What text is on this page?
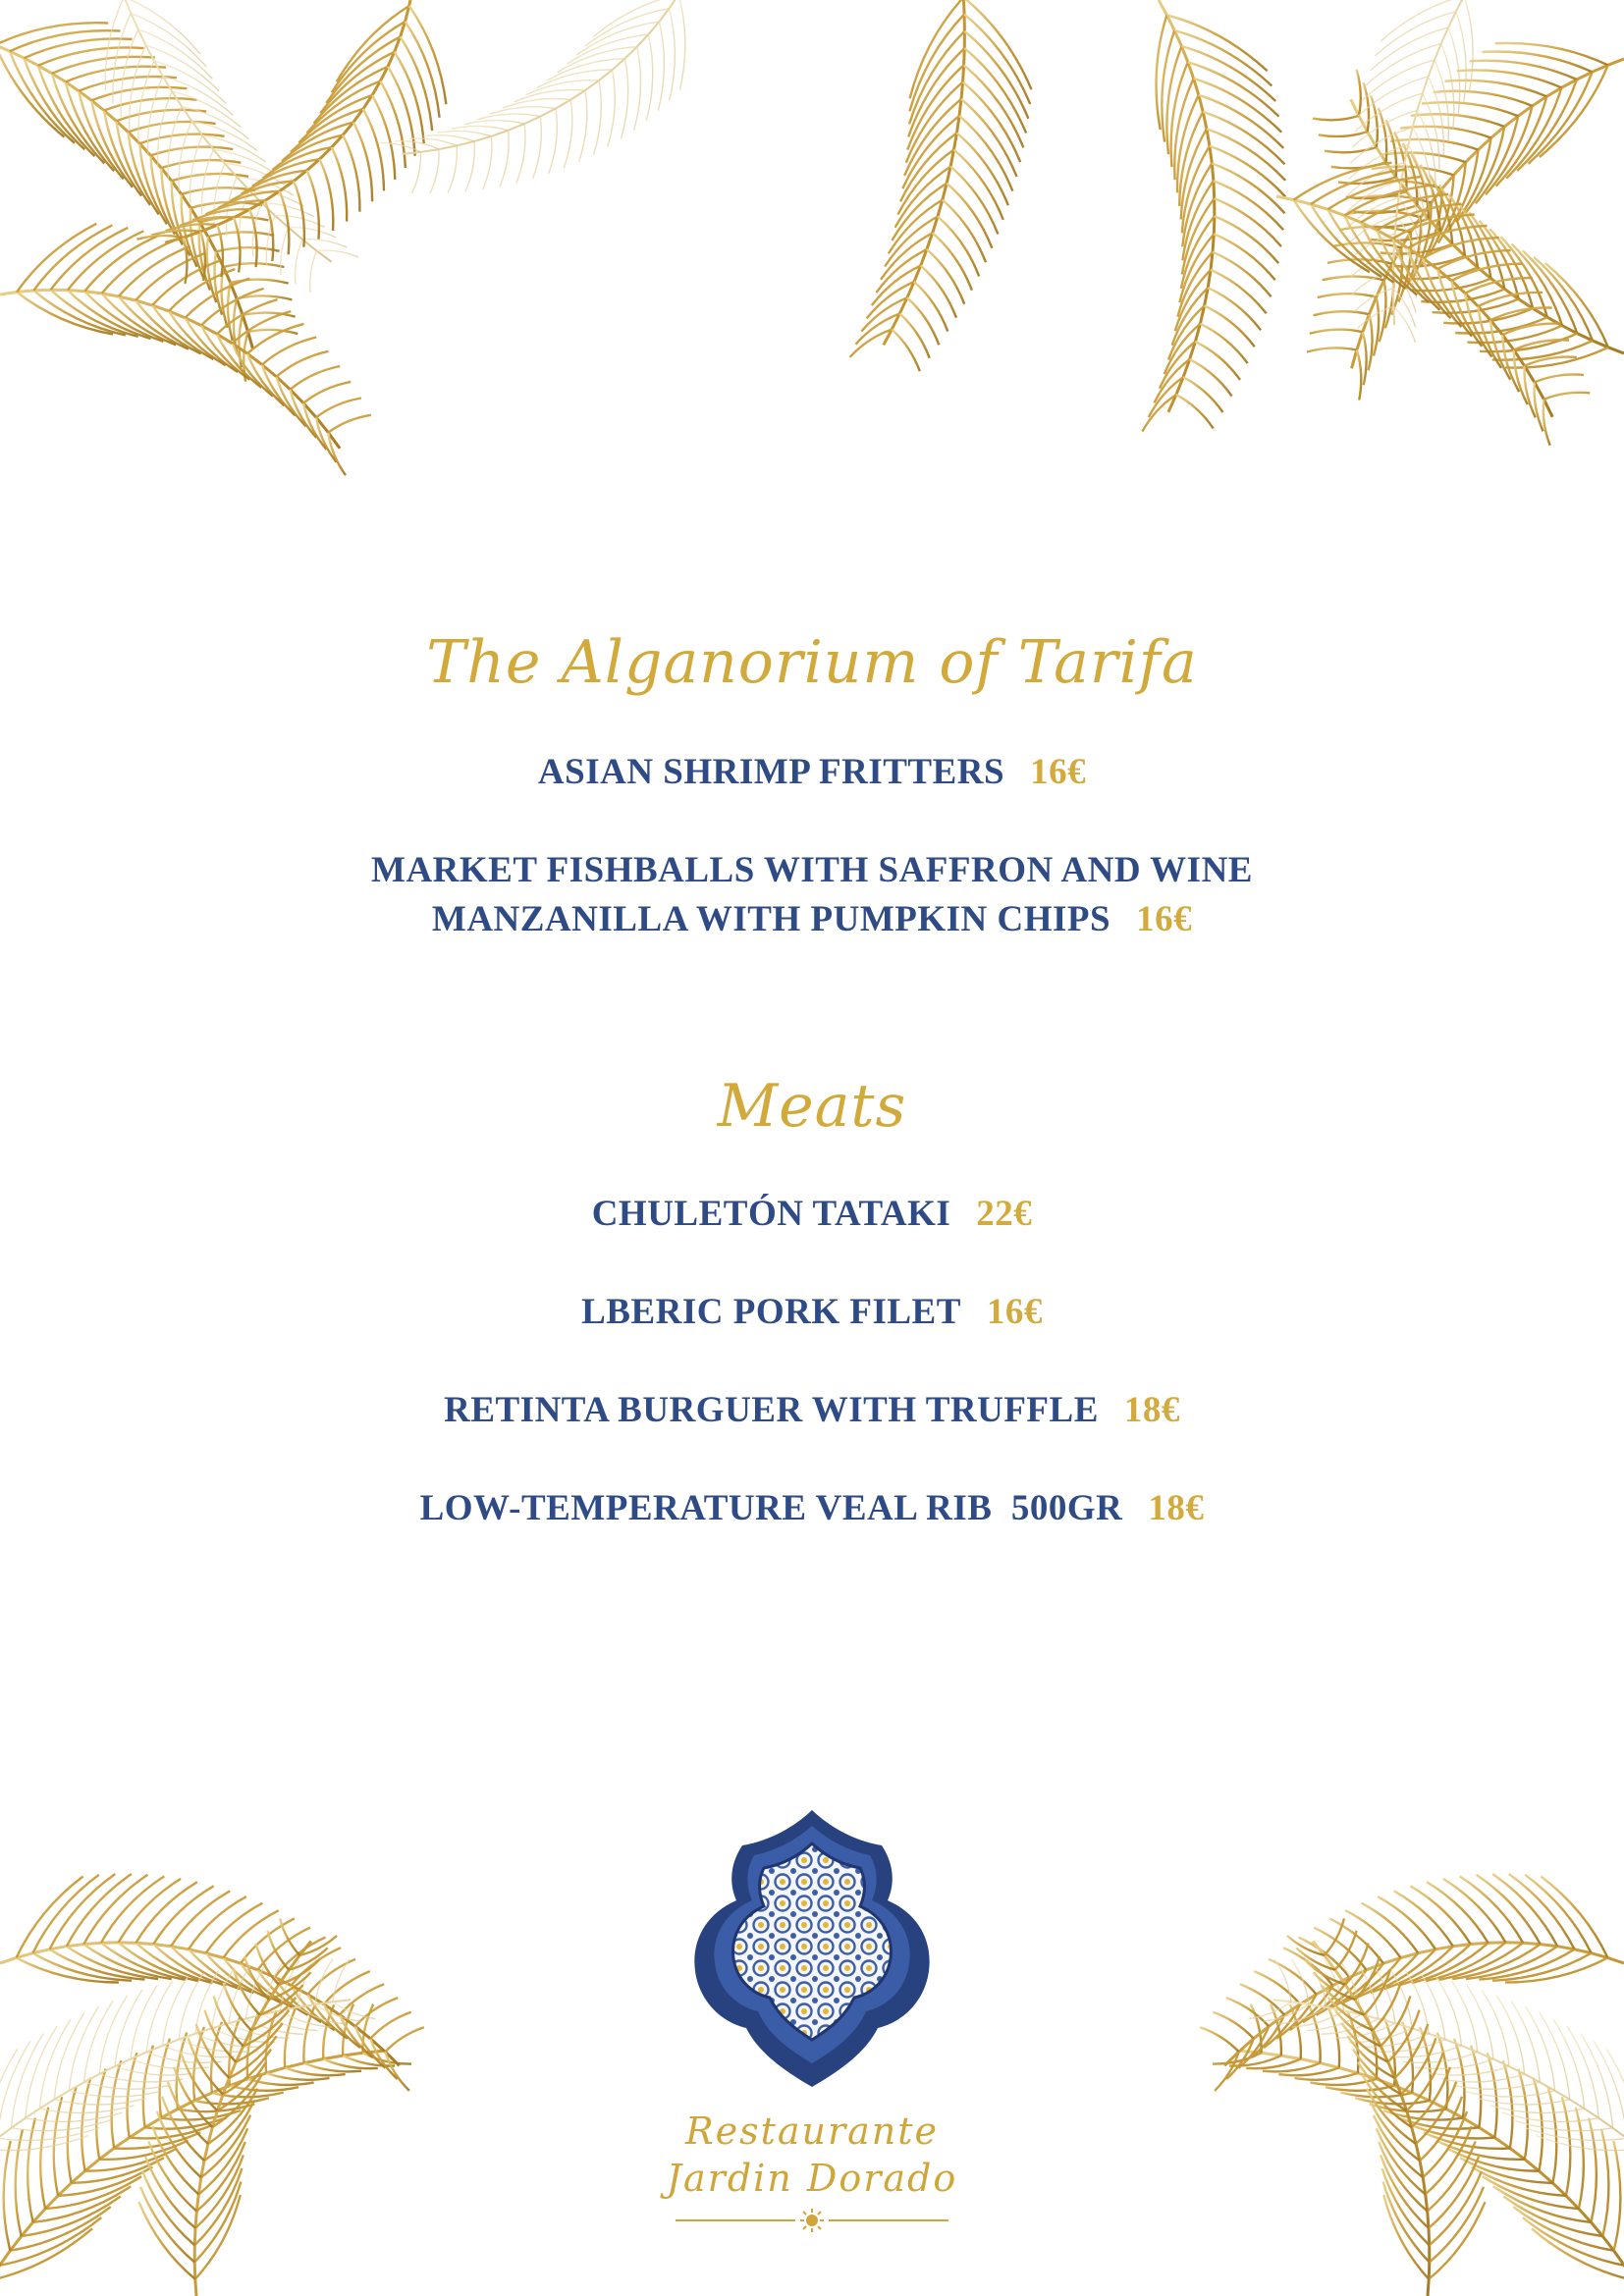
The Alganorium of Tarifa
ASIAN SHRIMP FRITTERS 16€
MARKET FISHBALLS WITH SAFFRON AND WINE
MANZANILLA WITH PUMPKIN CHIPS 16€
Meats
CHULETÓN TATAKI 22€
LBERIC PORK FILET 16€
RETINTA BURGUER WITH TRUFFLE 18€
LOW-TEMPERATURE VEAL RIB  500GR 18€
Restaurante
Jardin Dorado
